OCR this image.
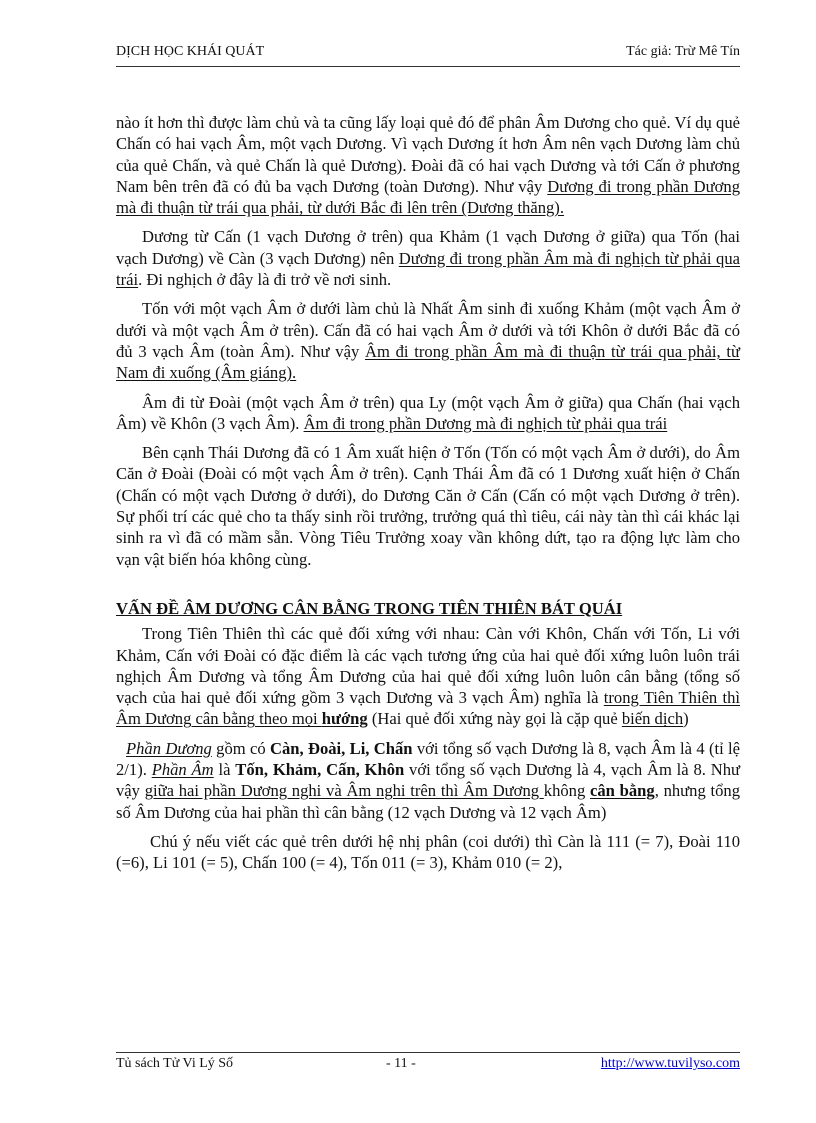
DỊCH HỌC KHÁI QUÁT	Tác giả: Trừ Mê Tín

nào ít hơn thì được làm chủ và ta cũng lấy loại quẻ đó để phân Âm Dương cho quẻ. Ví dụ quẻ Chấn có hai vạch Âm, một vạch Dương. Vì vạch Dương ít hơn Âm nên vạch Dương làm chủ của quẻ Chấn, và quẻ Chấn là quẻ Dương). Đoài đã có hai vạch Dương và tới Cấn ở phương Nam bên trên đã có đủ ba vạch Dương (toàn Dương). Như vậy Dương đi trong phần Dương mà đi thuận từ trái qua phải, từ dưới Bắc đi lên trên (Dương thăng).

Dương từ Cấn (1 vạch Dương ở trên) qua Khảm (1 vạch Dương ở giữa) qua Tốn (hai vạch Dương) về Càn (3 vạch Dương) nên Dương đi trong phần Âm mà đi nghịch từ phải qua trái. Đi nghịch ở đây là đi trở về nơi sinh.

Tốn với một vạch Âm ở dưới làm chủ là Nhất Âm sinh đi xuống Khảm (một vạch Âm ở dưới và một vạch Âm ở trên). Cấn đã có hai vạch Âm ở dưới và tới Khôn ở dưới Bắc đã có đủ 3 vạch Âm (toàn Âm). Như vậy Âm đi trong phần Âm mà đi thuận từ trái qua phải, từ Nam đi xuống (Âm giáng).

Âm đi từ Đoài (một vạch Âm ở trên) qua Ly (một vạch Âm ở giữa) qua Chấn (hai vạch Âm) về Khôn (3 vạch Âm). Âm đi trong phần Dương mà đi nghịch từ phải qua trái

Bên cạnh Thái Dương đã có 1 Âm xuất hiện ở Tốn (Tốn có một vạch Âm ở dưới), do Âm Căn ở Đoài (Đoài có một vạch Âm ở trên). Cạnh Thái Âm đã có 1 Dương xuất hiện ở Chấn (Chấn có một vạch Dương ở dưới), do Dương Căn ở Cấn (Cấn có một vạch Dương ở trên). Sự phối trí các quẻ cho ta thấy sinh rồi trưởng, trưởng quá thì tiêu, cái này tàn thì cái khác lại sinh ra vì đã có mầm sẵn. Vòng Tiêu Trưởng xoay vần không dứt, tạo ra động lực làm cho vạn vật biến hóa không cùng.

VẤN ĐỀ ÂM DƯƠNG CÂN BẰNG TRONG TIÊN THIÊN BÁT QUÁI

Trong Tiên Thiên thì các quẻ đối xứng với nhau: Càn với Khôn, Chấn với Tốn, Li với Khảm, Cấn với Đoài có đặc điểm là các vạch tương ứng của hai quẻ đối xứng luôn luôn trái nghịch Âm Dương và tổng Âm Dương của hai quẻ đối xứng luôn luôn cân bằng (tổng số vạch của hai quẻ đối xứng gồm 3 vạch Dương và 3 vạch Âm) nghĩa là trong Tiên Thiên thì Âm Dương cân bằng theo mọi hướng (Hai quẻ đối xứng này gọi là cặp quẻ biến dịch)

Phần Dương gồm có Càn, Đoài, Li, Chấn với tổng số vạch Dương là 8, vạch Âm là 4 (tỉ lệ 2/1). Phần Âm là Tốn, Khảm, Cấn, Khôn với tổng số vạch Dương là 4, vạch Âm là 8. Như vậy giữa hai phần Dương nghi và Âm nghi trên thì Âm Dương không cân bằng, nhưng tổng số Âm Dương của hai phần thì cân bằng (12 vạch Dương và 12 vạch Âm)

Chú ý nếu viết các quẻ trên dưới hệ nhị phân (coi dưới) thì Càn là 111 (= 7), Đoài 110 (=6), Li 101 (= 5), Chấn 100 (= 4), Tốn 011 (= 3), Khảm 010 (= 2),

Tủ sách Tử Vi Lý Số	- 11 -	http://www.tuvilyso.com
